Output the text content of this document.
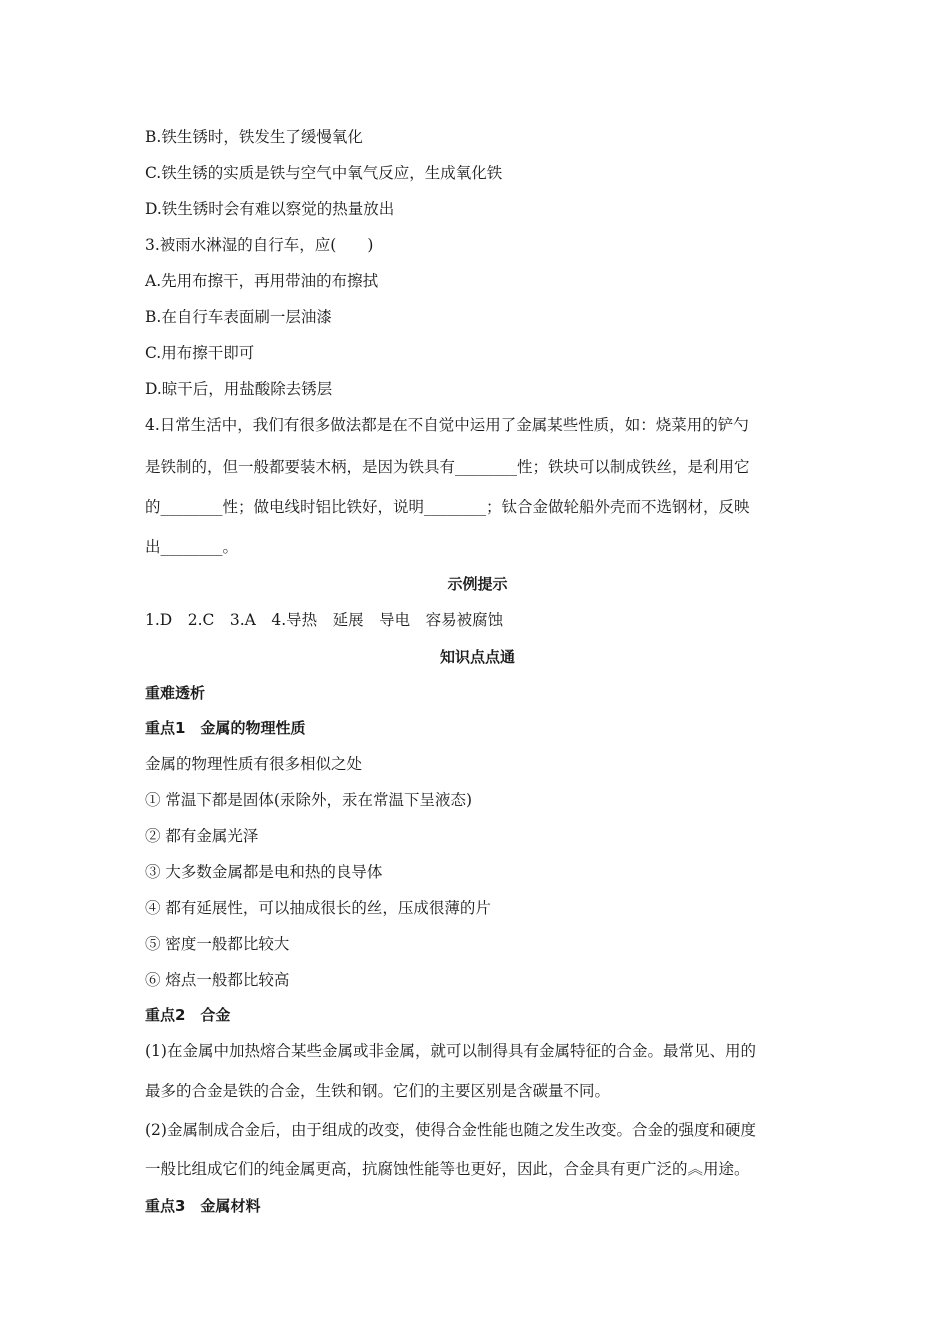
B.铁生锈时，铁发生了缓慢氧化
C.铁生锈的实质是铁与空气中氧气反应，生成氧化铁
D.铁生锈时会有难以察觉的热量放出
3.被雨水淋湿的自行车，应(　　)
A.先用布擦干，再用带油的布擦拭
B.在自行车表面刷一层油漆
C.用布擦干即可
D.晾干后，用盐酸除去锈层
4.日常生活中，我们有很多做法都是在不自觉中运用了金属某些性质，如：烧菜用的铲勺
是铁制的，但一般都要装木柄，是因为铁具有________性；铁块可以制成铁丝，是利用它
的________性；做电线时铝比铁好，说明________；钛合金做轮船外壳而不选钢材，反映
出________。
示例提示
1.D　2.C　3.A　4.导热　延展　导电　容易被腐蚀
知识点点通
重难透析
重点1　金属的物理性质
金属的物理性质有很多相似之处
① 常温下都是固体(汞除外，汞在常温下呈液态)
② 都有金属光泽
③ 大多数金属都是电和热的良导体
④ 都有延展性，可以抽成很长的丝，压成很薄的片
⑤ 密度一般都比较大
⑥ 熔点一般都比较高
重点2　合金
(1)在金属中加热熔合某些金属或非金属，就可以制得具有金属特征的合金。最常见、用的
最多的合金是铁的合金，生铁和钢。它们的主要区别是含碳量不同。
(2)金属制成合金后，由于组成的改变，使得合金性能也随之发生改变。合金的强度和硬度
一般比组成它们的纯金属更高，抗腐蚀性能等也更好，因此，合金具有更广泛的︽用途。
重点3　金属材料
